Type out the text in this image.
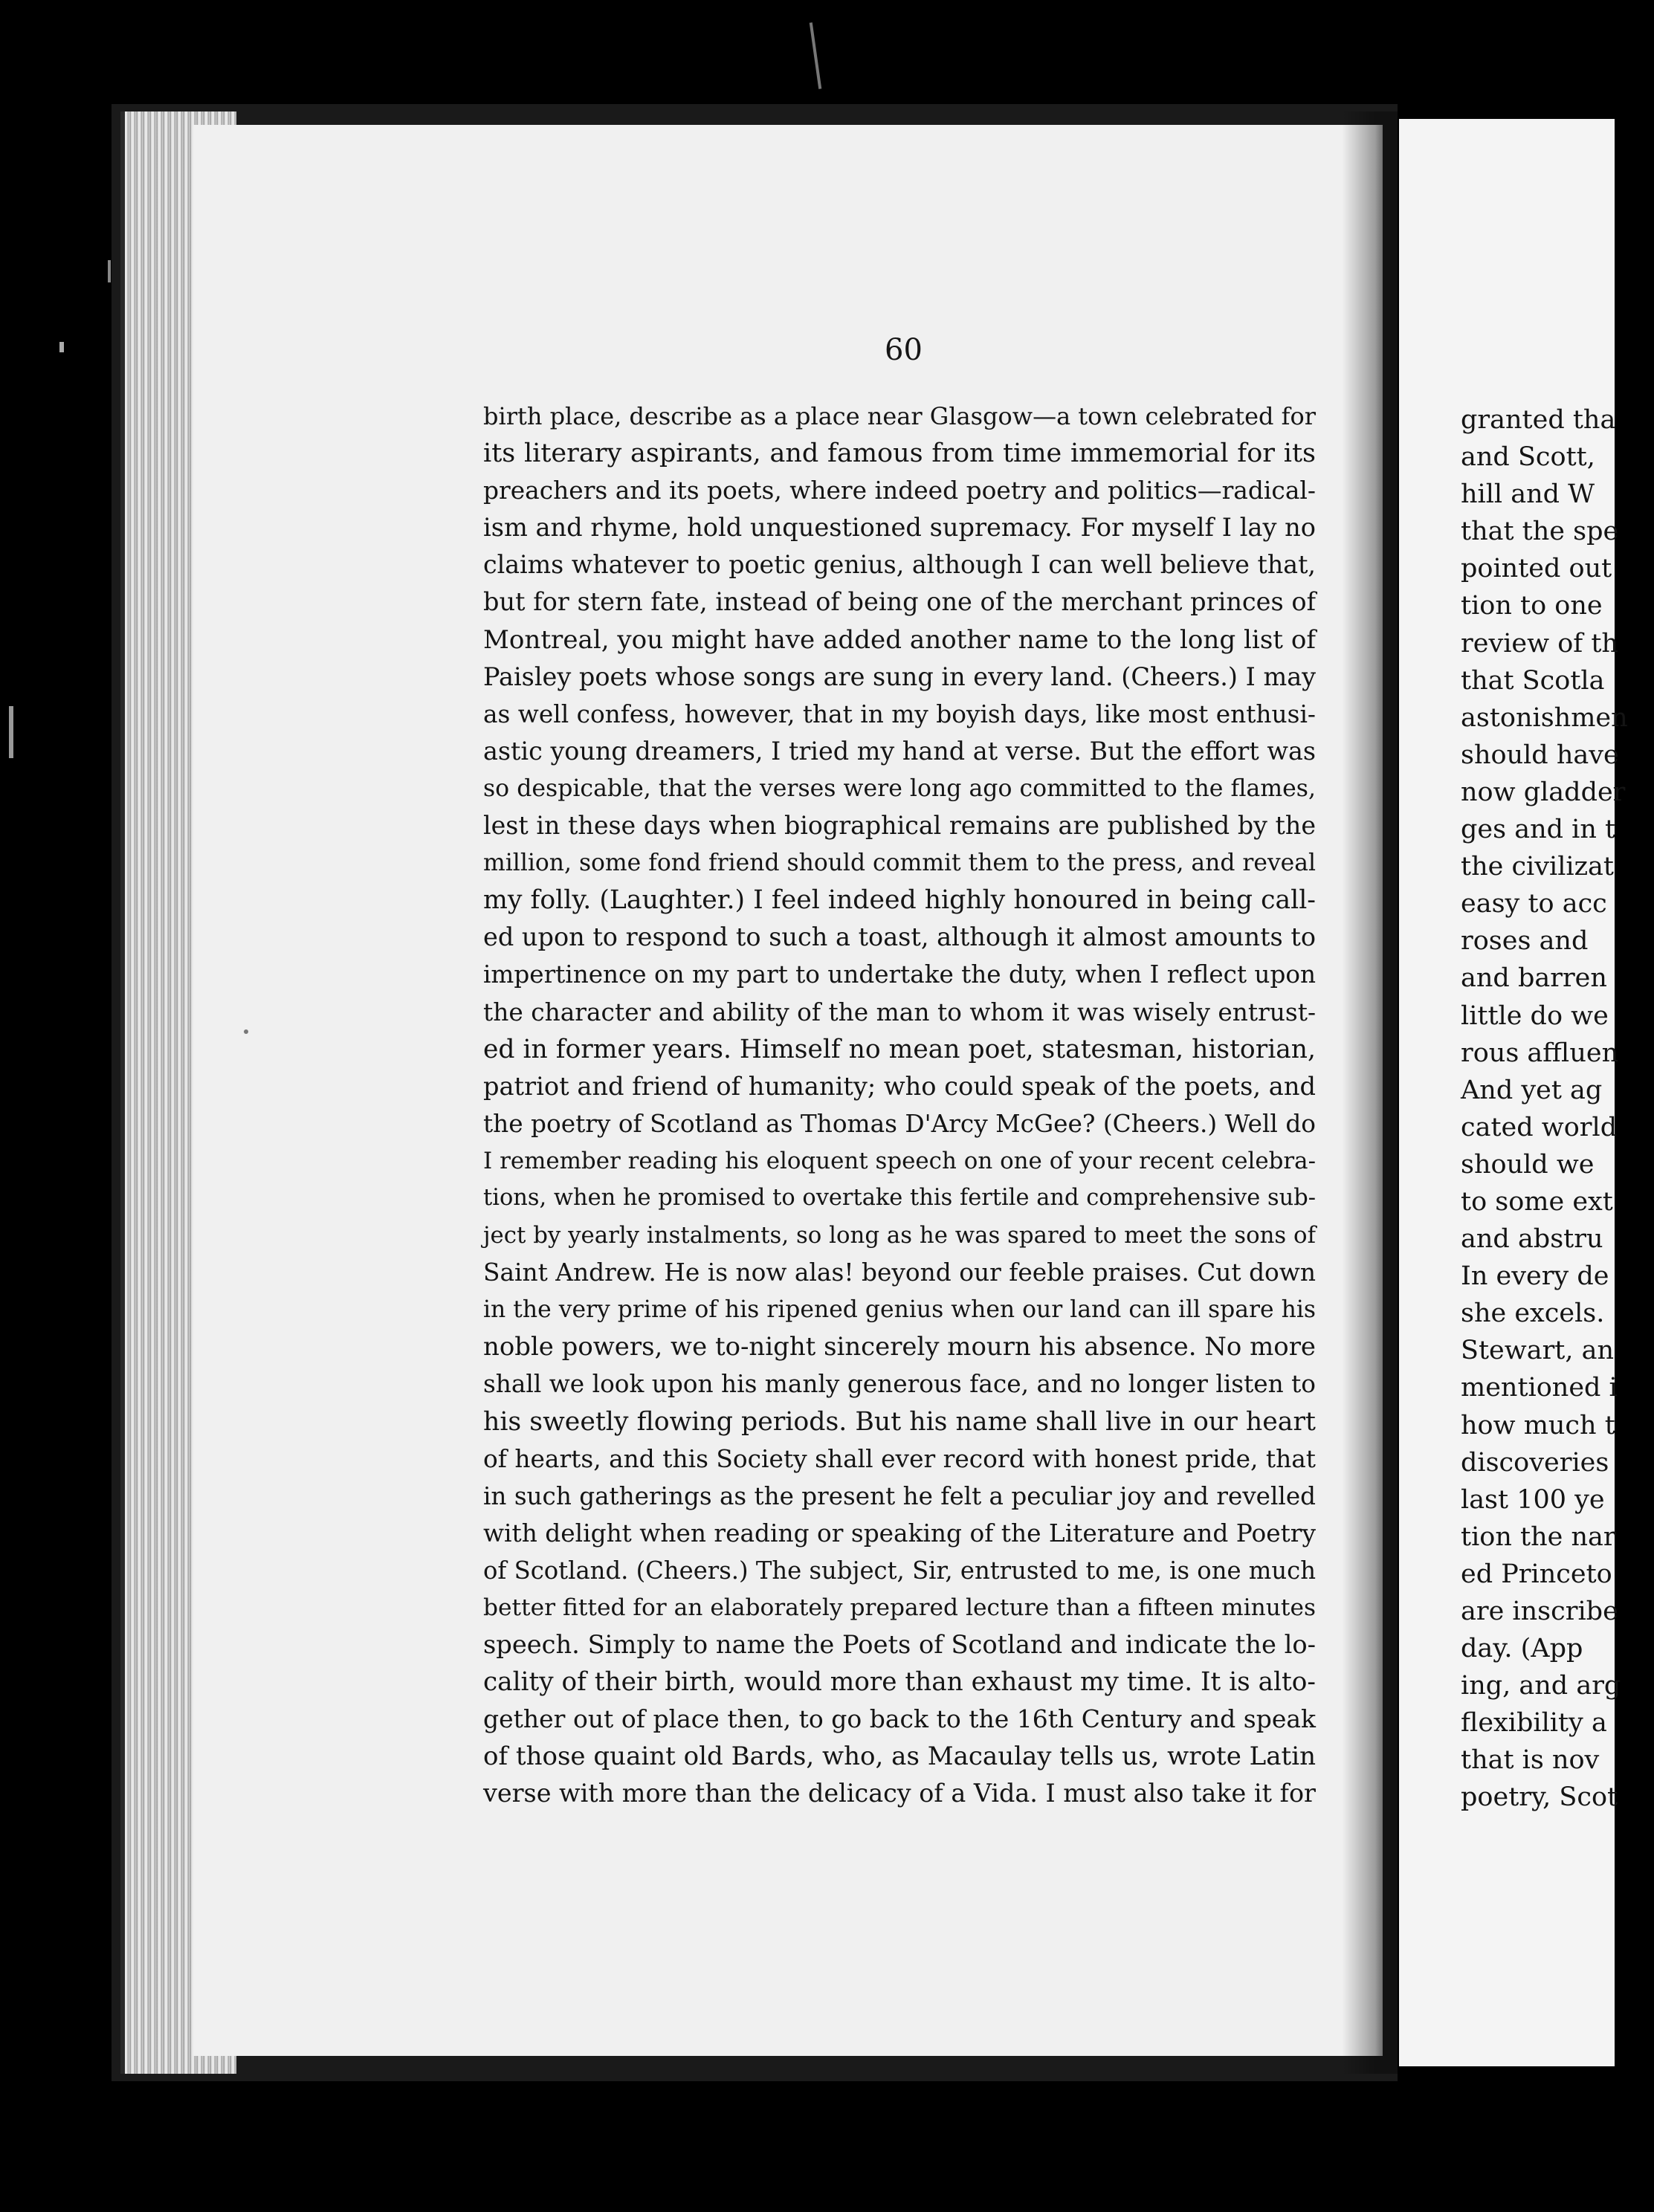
60

birth place, describe as a place near Glasgow—a town celebrated for
its literary aspirants, and famous from time immemorial for its
preachers and its poets, where indeed poetry and politics—radical-
ism and rhyme, hold unquestioned supremacy. For myself I lay no
claims whatever to poetic genius, although I can well believe that,
but for stern fate, instead of being one of the merchant princes of
Montreal, you might have added another name to the long list of
Paisley poets whose songs are sung in every land. (Cheers.) I may
as well confess, however, that in my boyish days, like most enthusi-
astic young dreamers, I tried my hand at verse. But the effort was
so despicable, that the verses were long ago committed to the flames,
lest in these days when biographical remains are published by the
million, some fond friend should commit them to the press, and reveal
my folly. (Laughter.) I feel indeed highly honoured in being call-
ed upon to respond to such a toast, although it almost amounts to
impertinence on my part to undertake the duty, when I reflect upon
the character and ability of the man to whom it was wisely entrust-
ed in former years. Himself no mean poet, statesman, historian,
patriot and friend of humanity; who could speak of the poets, and
the poetry of Scotland as Thomas D'Arcy McGee? (Cheers.) Well do
I remember reading his eloquent speech on one of your recent celebra-
tions, when he promised to overtake this fertile and comprehensive sub-
ject by yearly instalments, so long as he was spared to meet the sons of
Saint Andrew. He is now alas! beyond our feeble praises. Cut down
in the very prime of his ripened genius when our land can ill spare his
noble powers, we to-night sincerely mourn his absence. No more
shall we look upon his manly generous face, and no longer listen to
his sweetly flowing periods. But his name shall live in our heart
of hearts, and this Society shall ever record with honest pride, that
in such gatherings as the present he felt a peculiar joy and revelled
with delight when reading or speaking of the Literature and Poetry
of Scotland. (Cheers.) The subject, Sir, entrusted to me, is one much
better fitted for an elaborately prepared lecture than a fifteen minutes
speech. Simply to name the Poets of Scotland and indicate the lo-
cality of their birth, would more than exhaust my time. It is alto-
gether out of place then, to go back to the 16th Century and speak
of those quaint old Bards, who, as Macaulay tells us, wrote Latin
verse with more than the delicacy of a Vida. I must also take it for
granted tha
and Scott,
hill and W
that the spe
pointed out
tion to one
review of th
that Scotla
astonishmen
should have
now gladder
ges and in t
the civilizat
easy to acc
roses and
and barren
little do we
rous affluen
And yet ag
cated world
should we
to some ext
and abstru
In every de
she excels.
Stewart, an
mentioned i
how much t
discoveries
last 100 ye
tion the nar
ed Princeto
are inscribe
day. (App
ing, and arg
flexibility a
that is nov
poetry, Scot
